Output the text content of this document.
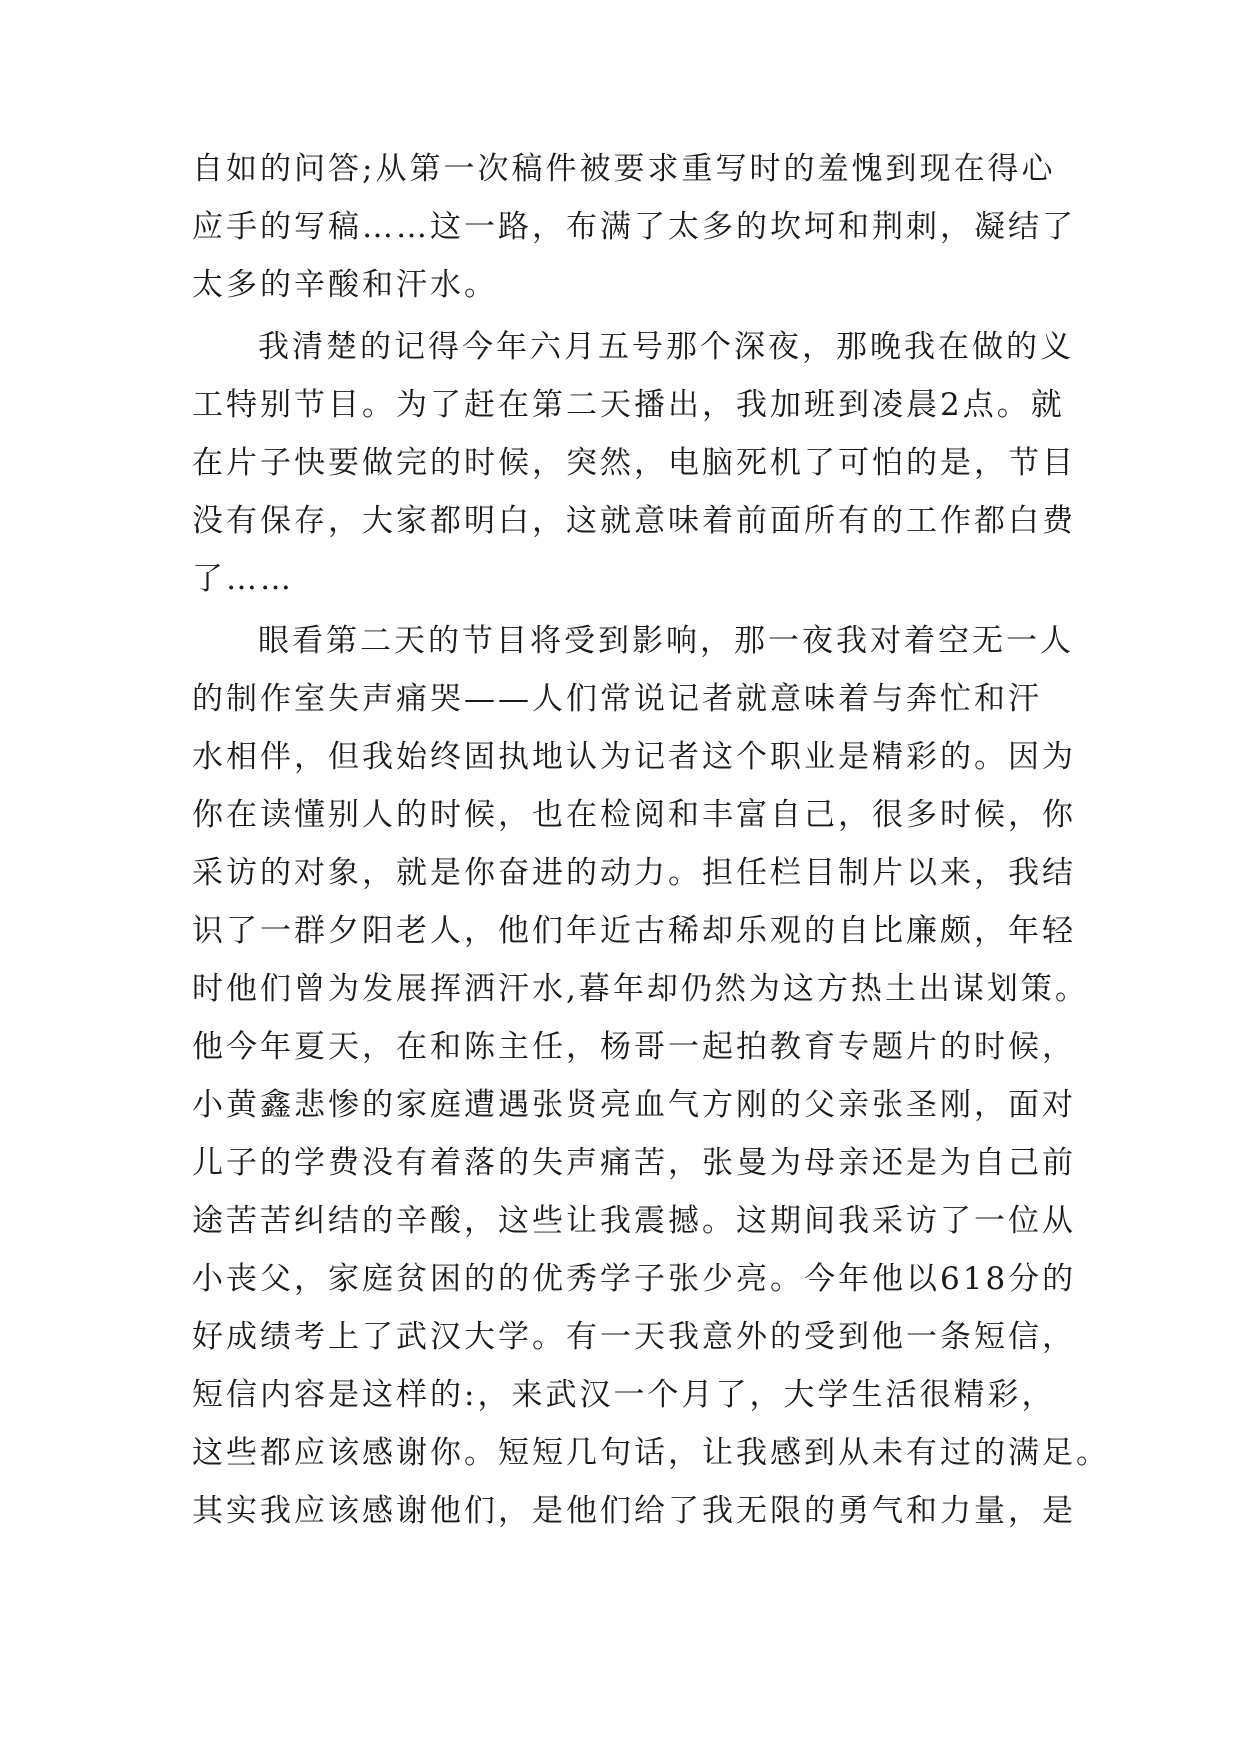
自如的问答;从第一次稿件被要求重写时的羞愧到现在得心
应手的写稿……这一路，布满了太多的坎坷和荆刺，凝结了
太多的辛酸和汗水。

我清楚的记得今年六月五号那个深夜，那晚我在做的义
工特别节目。为了赶在第二天播出，我加班到凌晨2点。就
在片子快要做完的时候，突然，电脑死机了可怕的是，节目
没有保存，大家都明白，这就意味着前面所有的工作都白费
了……

眼看第二天的节目将受到影响，那一夜我对着空无一人
的制作室失声痛哭——人们常说记者就意味着与奔忙和汗
水相伴，但我始终固执地认为记者这个职业是精彩的。因为
你在读懂别人的时候，也在检阅和丰富自己，很多时候，你
采访的对象，就是你奋进的动力。担任栏目制片以来，我结
识了一群夕阳老人，他们年近古稀却乐观的自比廉颇，年轻
时他们曾为发展挥洒汗水,暮年却仍然为这方热土出谋划策。
他今年夏天，在和陈主任，杨哥一起拍教育专题片的时候，
小黄鑫悲惨的家庭遭遇张贤亮血气方刚的父亲张圣刚，面对
儿子的学费没有着落的失声痛苦，张曼为母亲还是为自己前
途苦苦纠结的辛酸，这些让我震撼。这期间我采访了一位从
小丧父，家庭贫困的的优秀学子张少亮。今年他以618分的
好成绩考上了武汉大学。有一天我意外的受到他一条短信，
短信内容是这样的:，来武汉一个月了，大学生活很精彩，
这些都应该感谢你。短短几句话，让我感到从未有过的满足。
其实我应该感谢他们，是他们给了我无限的勇气和力量，是
